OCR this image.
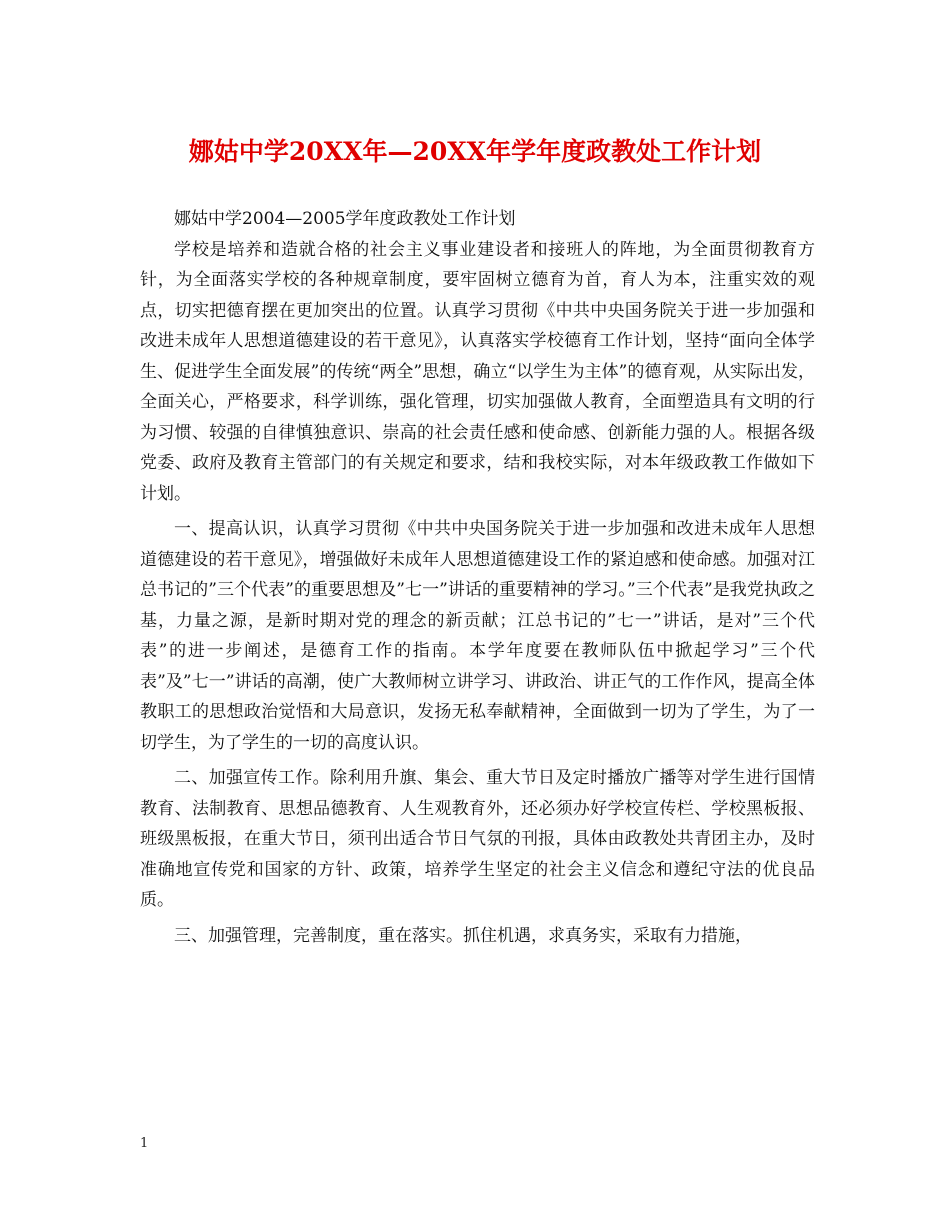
娜姑中学20XX年—20XX年学年度政教处工作计划

娜姑中学2004—2005学年度政教处工作计划

学校是培养和造就合格的社会主义事业建设者和接班人的阵地，为全面贯彻教育方针，为全面落实学校的各种规章制度，要牢固树立德育为首，育人为本，注重实效的观点，切实把德育摆在更加突出的位置。认真学习贯彻《中共中央国务院关于进一步加强和改进未成年人思想道德建设的若干意见》，认真落实学校德育工作计划，坚持“面向全体学生、促进学生全面发展”的传统“两全”思想，确立“以学生为主体”的德育观，从实际出发，全面关心，严格要求，科学训练，强化管理，切实加强做人教育，全面塑造具有文明的行为习惯、较强的自律慎独意识、崇高的社会责任感和使命感、创新能力强的人。根据各级党委、政府及教育主管部门的有关规定和要求，结和我校实际，对本年级政教工作做如下计划。

一、提高认识，认真学习贯彻《中共中央国务院关于进一步加强和改进未成年人思想道德建设的若干意见》，增强做好未成年人思想道德建设工作的紧迫感和使命感。加强对江总书记的”三个代表”的重要思想及”七一”讲话的重要精神的学习。”三个代表”是我党执政之基，力量之源，是新时期对党的理念的新贡献；江总书记的”七一”讲话，是对”三个代表”的进一步阐述，是德育工作的指南。本学年度要在教师队伍中掀起学习”三个代表”及”七一”讲话的高潮，使广大教师树立讲学习、讲政治、讲正气的工作作风，提高全体教职工的思想政治觉悟和大局意识，发扬无私奉献精神，全面做到一切为了学生，为了一切学生，为了学生的一切的高度认识。

二、加强宣传工作。除利用升旗、集会、重大节日及定时播放广播等对学生进行国情教育、法制教育、思想品德教育、人生观教育外，还必须办好学校宣传栏、学校黑板报、班级黑板报，在重大节日，须刊出适合节日气氛的刊报，具体由政教处共青团主办，及时准确地宣传党和国家的方针、政策，培养学生坚定的社会主义信念和遵纪守法的优良品质。

三、加强管理，完善制度，重在落实。抓住机遇，求真务实，采取有力措施，

1
